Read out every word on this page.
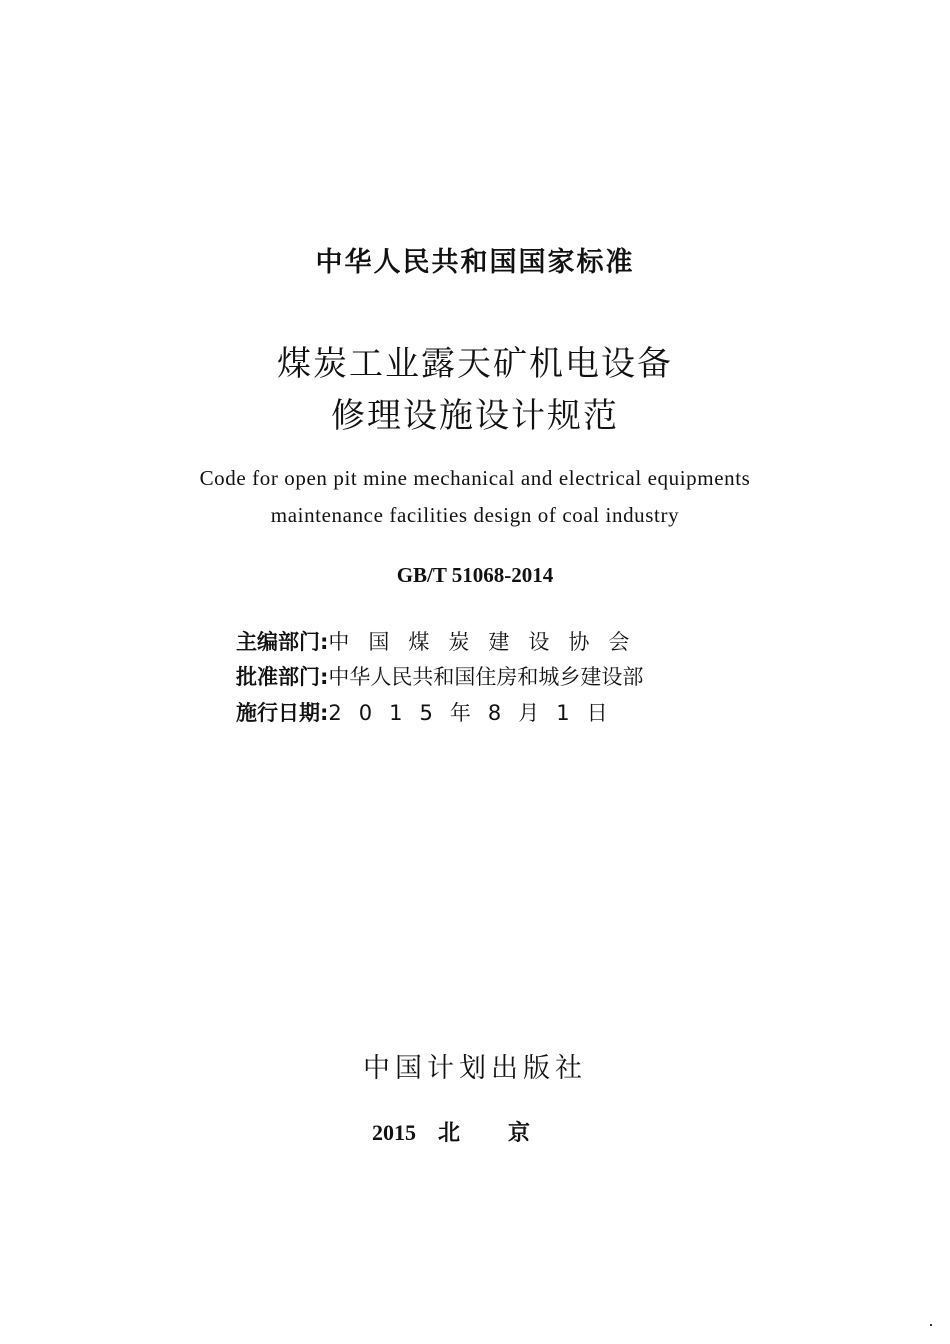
中华人民共和国国家标准
煤炭工业露天矿机电设备
修理设施设计规范
Code for open pit mine mechanical and electrical equipments
maintenance facilities design of coal industry
GB/T 51068-2014
主编部门: 中国煤炭建设协会
批准部门: 中华人民共和国住房和城乡建设部
施行日期: 2015年8月1日
中国计划出版社
2015 北京
